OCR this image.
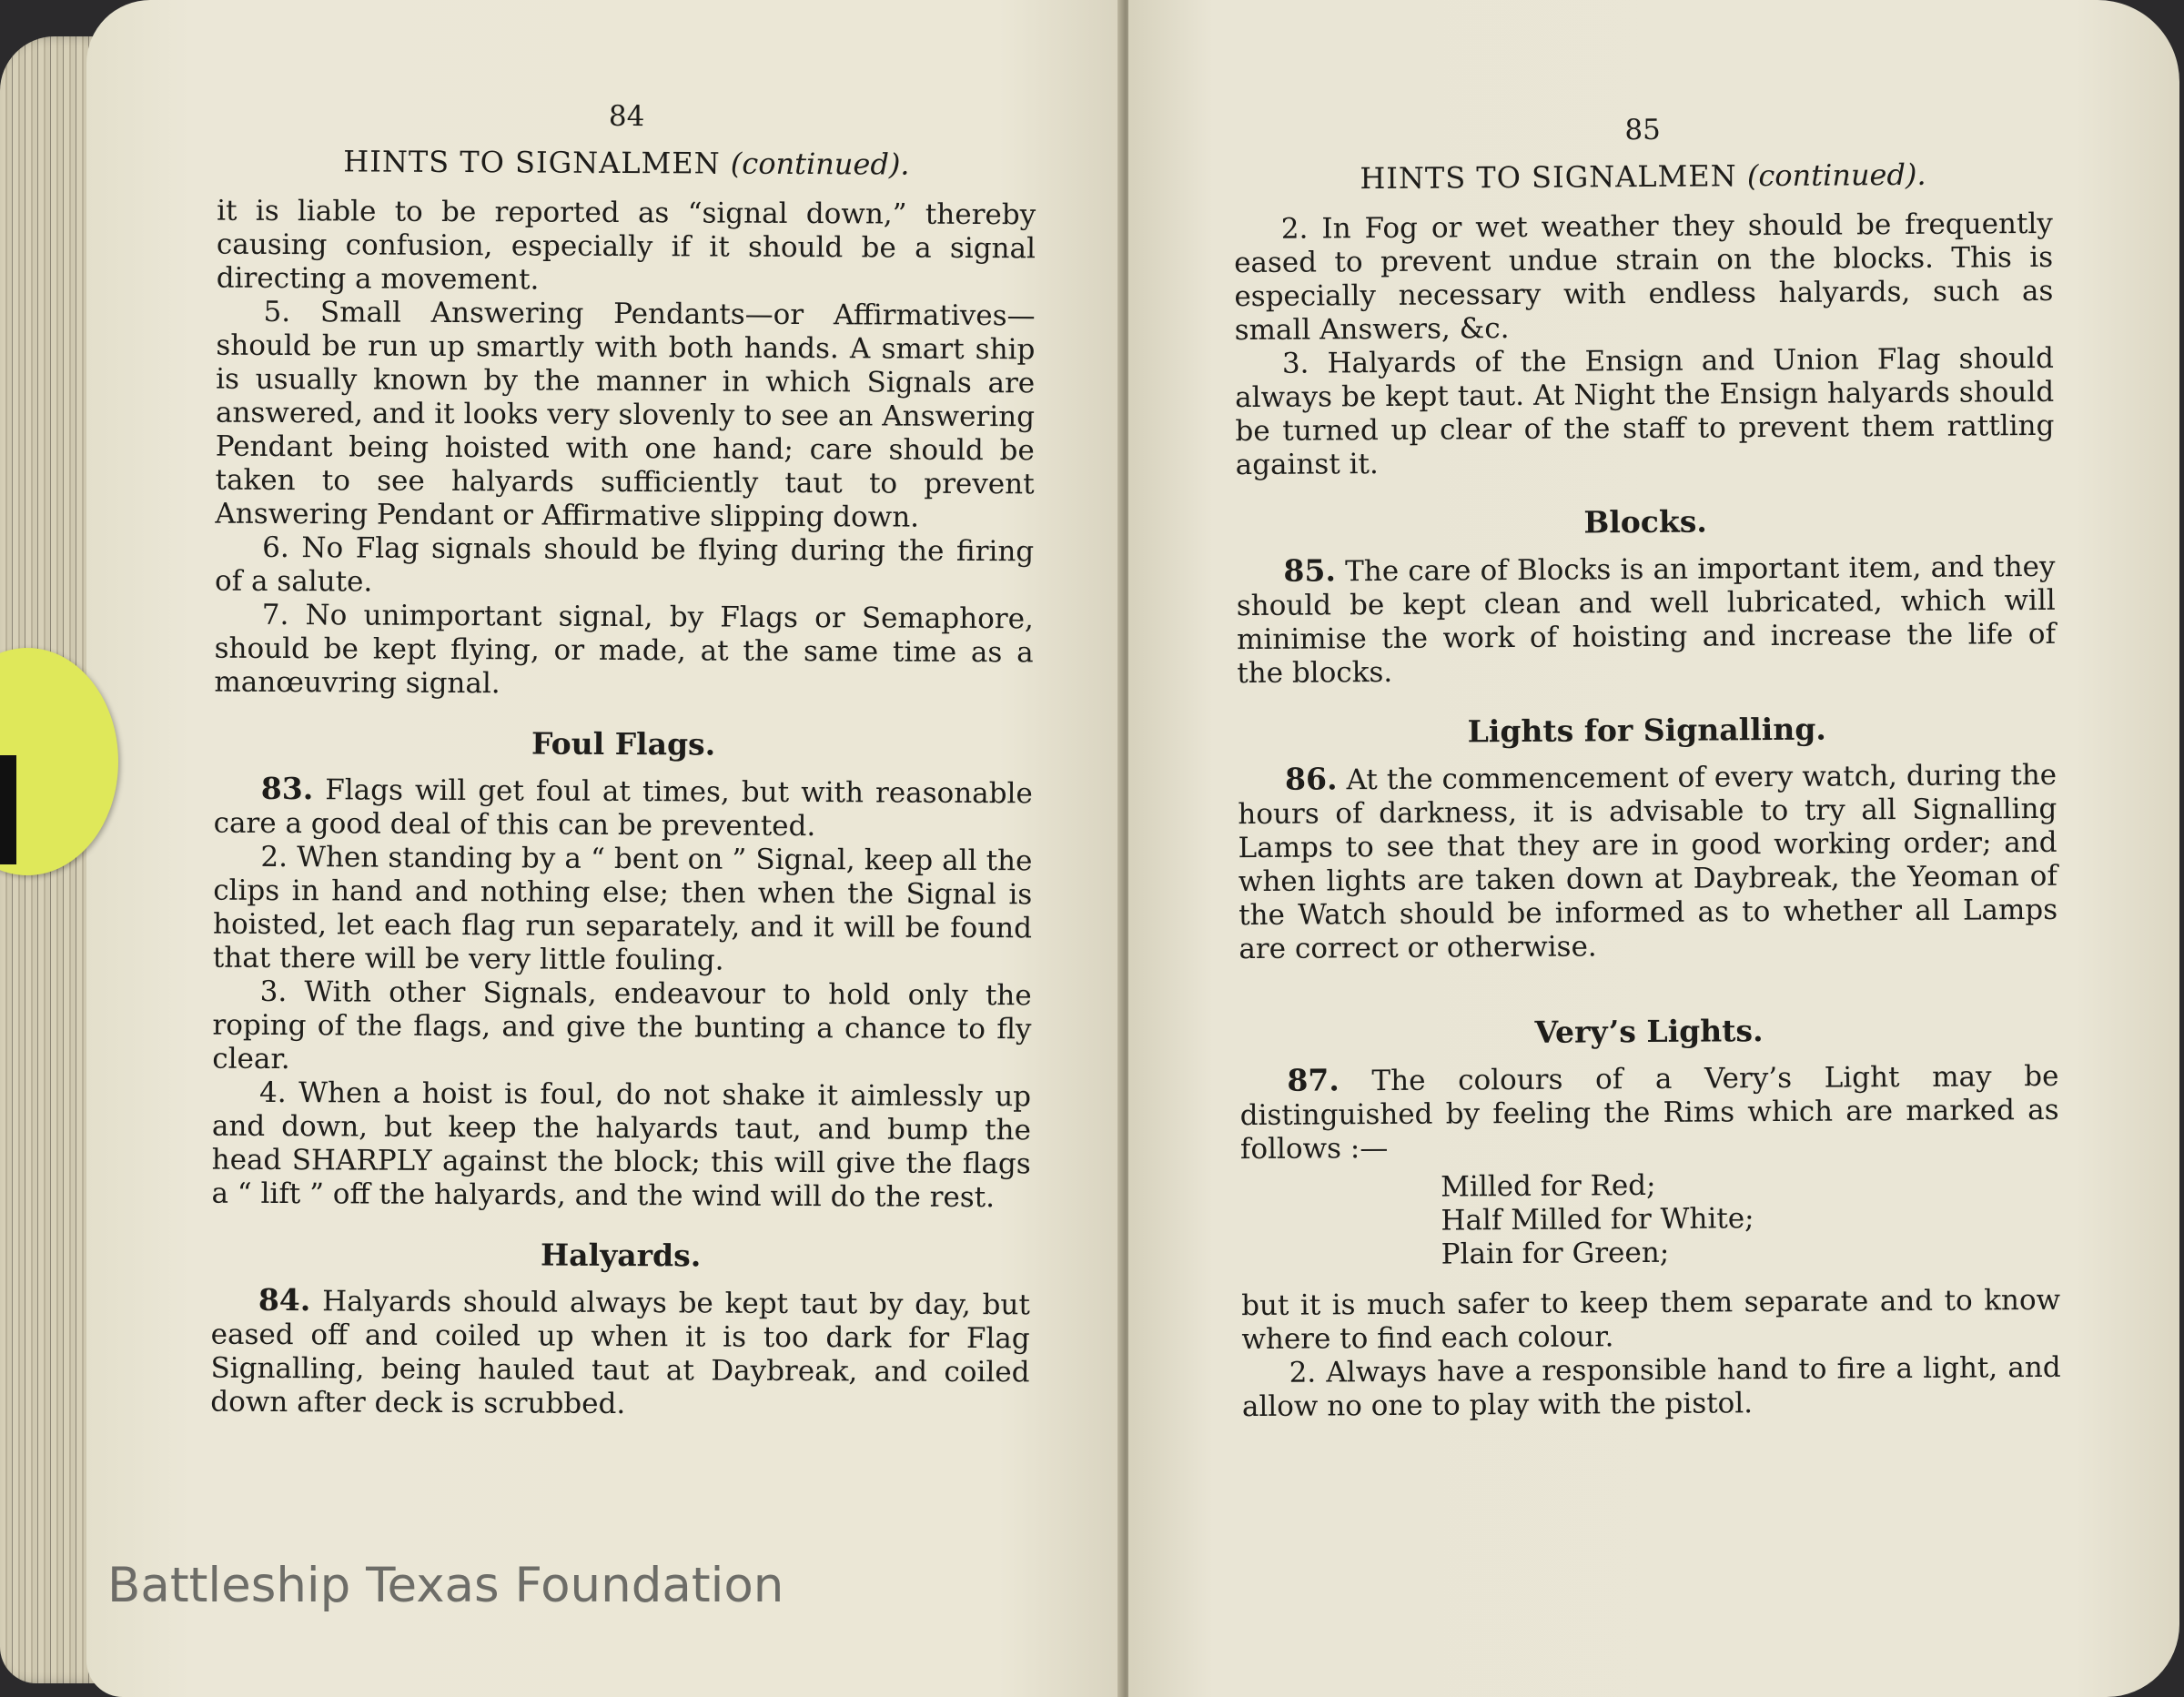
84
HINTS TO SIGNALMEN (continued).

it is liable to be reported as “signal down,” thereby causing confusion, especially if it should be a signal directing a movement.

5. Small Answering Pendants—or Affirmatives—should be run up smartly with both hands. A smart ship is usually known by the manner in which Signals are answered, and it looks very slovenly to see an Answering Pendant being hoisted with one hand; care should be taken to see halyards sufficiently taut to prevent Answering Pendant or Affirmative slipping down.

6. No Flag signals should be flying during the firing of a salute.

7. No unimportant signal, by Flags or Semaphore, should be kept flying, or made, at the same time as a manœuvring signal.

Foul Flags.

83. Flags will get foul at times, but with reasonable care a good deal of this can be prevented.

2. When standing by a “ bent on ” Signal, keep all the clips in hand and nothing else; then when the Signal is hoisted, let each flag run separately, and it will be found that there will be very little fouling.

3. With other Signals, endeavour to hold only the roping of the flags, and give the bunting a chance to fly clear.

4. When a hoist is foul, do not shake it aimlessly up and down, but keep the halyards taut, and bump the head SHARPLY against the block; this will give the flags a “ lift ” off the halyards, and the wind will do the rest.

Halyards.

84. Halyards should always be kept taut by day, but eased off and coiled up when it is too dark for Flag Signalling, being hauled taut at Daybreak, and coiled down after deck is scrubbed.

85
HINTS TO SIGNALMEN (continued).

2. In Fog or wet weather they should be frequently eased to prevent undue strain on the blocks. This is especially necessary with endless halyards, such as small Answers, &c.

3. Halyards of the Ensign and Union Flag should always be kept taut. At Night the Ensign halyards should be turned up clear of the staff to prevent them rattling against it.

Blocks.

85. The care of Blocks is an important item, and they should be kept clean and well lubricated, which will minimise the work of hoisting and increase the life of the blocks.

Lights for Signalling.

86. At the commencement of every watch, during the hours of darkness, it is advisable to try all Signalling Lamps to see that they are in good working order; and when lights are taken down at Daybreak, the Yeoman of the Watch should be informed as to whether all Lamps are correct or otherwise.

Very’s Lights.

87. The colours of a Very’s Light may be distinguished by feeling the Rims which are marked as follows :—

Milled for Red;
Half Milled for White;
Plain for Green;

but it is much safer to keep them separate and to know where to find each colour.

2. Always have a responsible hand to fire a light, and allow no one to play with the pistol.

Battleship Texas Foundation
